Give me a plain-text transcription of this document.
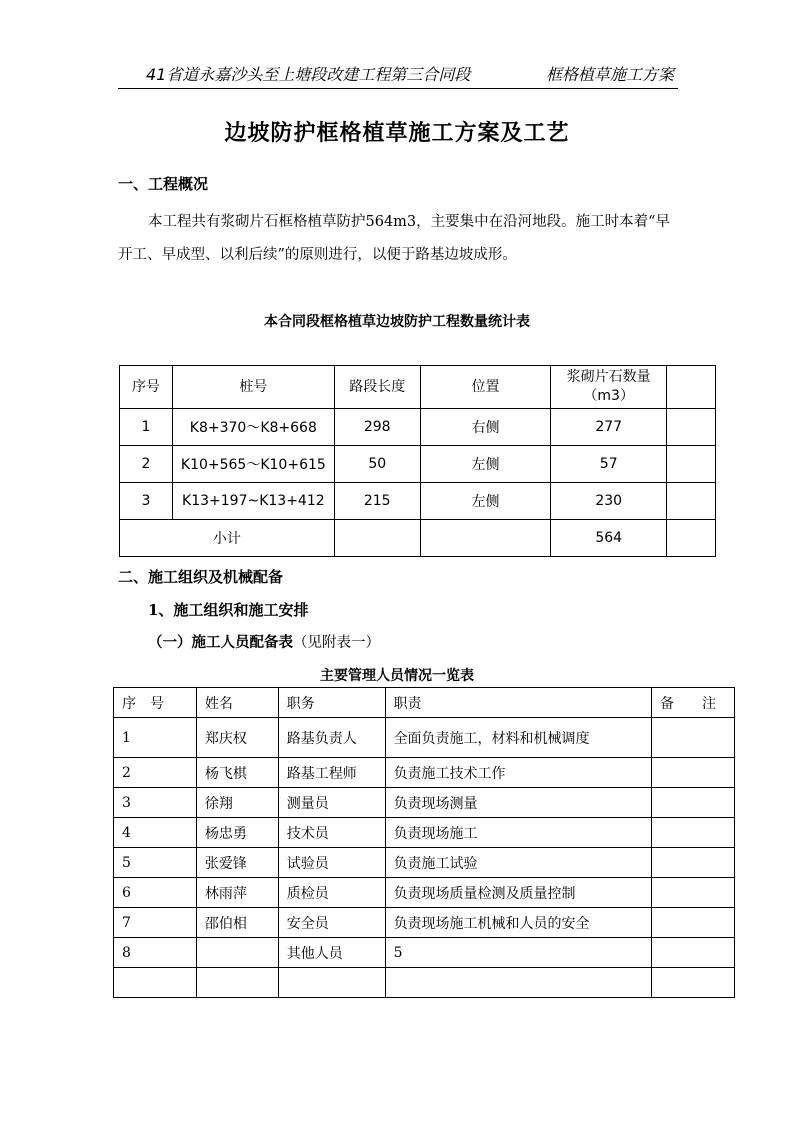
41省道永嘉沙头至上塘段改建工程第三合同段	框格植草施工方案
边坡防护框格植草施工方案及工艺
一、工程概况
本工程共有浆砌片石框格植草防护564m3，主要集中在沿河地段。施工时本着“早开工、早成型、以利后续”的原则进行，以便于路基边坡成形。
本合同段框格植草边坡防护工程数量统计表
序号	桩号	路段长度	位置	浆砌片石数量
（m3）	
1	K8+370～K8+668	298	右侧	277	
2	K10+565～K10+615	50	左侧	57	
3	K13+197~K13+412	215	左侧	230	
小计				564	
二、施工组织及机械配备
1、施工组织和施工安排
（一）施工人员配备表（见附表一）
主要管理人员情况一览表
序　号	姓名	职务	职责	备　　注
1	郑庆权	路基负责人	全面负责施工，材料和机械调度	
2	杨飞棋	路基工程师	负责施工技术工作	
3	徐翔	测量员	负责现场测量	
4	杨忠勇	技术员	负责现场施工	
5	张爱锋	试验员	负责施工试验	
6	林雨萍	质检员	负责现场质量检测及质量控制	
7	邵伯相	安全员	负责现场施工机械和人员的安全	
8		其他人员	5	
